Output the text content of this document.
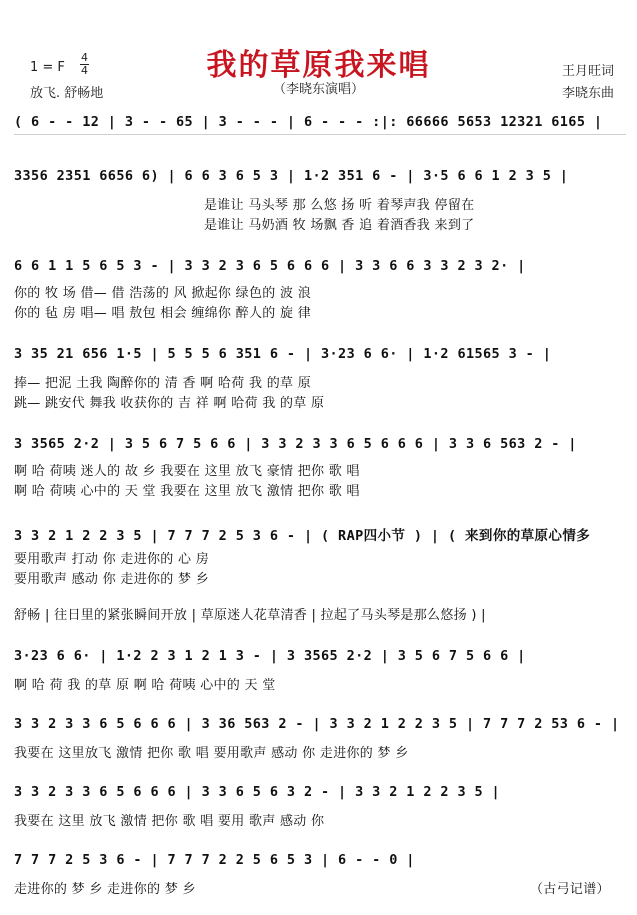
我的草原我来唱
（李晓东演唱）
1 = F
4
4
放飞. 舒畅地
王月旺词
李晓东曲
( 6 - - 12 | 3 - - 65 | 3 - - - | 6 - - - :|: 66666 5653 12321 6165 |
3356 2351 6656 6) | 6 6 3 6 5 3 | 1·2 351 6 - | 3·5 6 6 1 2 3 5 |
是谁让 马头琴 那 么悠 扬 听 着琴声我 停留在
是谁让 马奶酒 牧 场飘 香 追 着酒香我 来到了
6 6 1 1 5 6 5 3 - | 3 3 2 3 6 5 6 6 6 | 3 3 6 6 3 3 2 3 2· |
你的 牧 场 借— 借 浩荡的 风 掀起你 绿色的 波 浪
你的 毡 房 唱— 唱 敖包 相会 缠绵你 醉人的 旋 律
3 35 21 656 1·5 | 5 5 5 6 351 6 - | 3·23 6 6· | 1·2 61565 3 - |
捧— 把泥 土我 陶醉你的 清 香 啊 哈荷 我 的草 原
跳— 跳安代 舞我 收获你的 吉 祥 啊 哈荷 我 的草 原
3 3565 2·2 | 3 5 6 7 5 6 6 | 3 3 2 3 3 6 5 6 6 6 | 3 3 6 563 2 - |
啊 哈 荷咦 迷人的 故 乡 我要在 这里 放飞 豪情 把你 歌 唱
啊 哈 荷咦 心中的 天 堂 我要在 这里 放飞 激情 把你 歌 唱
3 3 2 1 2 2 3 5 | 7 7 7 2 5 3 6 - | ( RAP四小节 ) | ( 来到你的草原心情多
要用歌声 打动 你 走进你的 心 房
要用歌声 感动 你 走进你的 梦 乡
舒畅 | 往日里的紧张瞬间开放 | 草原迷人花草清香 | 拉起了马头琴是那么悠扬 ) |
3·23 6 6· | 1·2 2 3 1 2 1 3 - | 3 3565 2·2 | 3 5 6 7 5 6 6 |
啊 哈 荷 我 的草 原 啊 哈 荷咦 心中的 天 堂
3 3 2 3 3 6 5 6 6 6 | 3 36 563 2 - | 3 3 2 1 2 2 3 5 | 7 7 7 2 53 6 - |
我要在 这里放飞 激情 把你 歌 唱 要用歌声 感动 你 走进你的 梦 乡
3 3 2 3 3 6 5 6 6 6 | 3 3 6 5 6 3 2 - | 3 3 2 1 2 2 3 5 |
我要在 这里 放飞 激情 把你 歌 唱 要用 歌声 感动 你
7 7 7 2 5 3 6 - | 7 7 7 2 2 5 6 5 3 | 6 - - 0 |
走进你的 梦 乡 走进你的 梦 乡	（古弓记谱）
